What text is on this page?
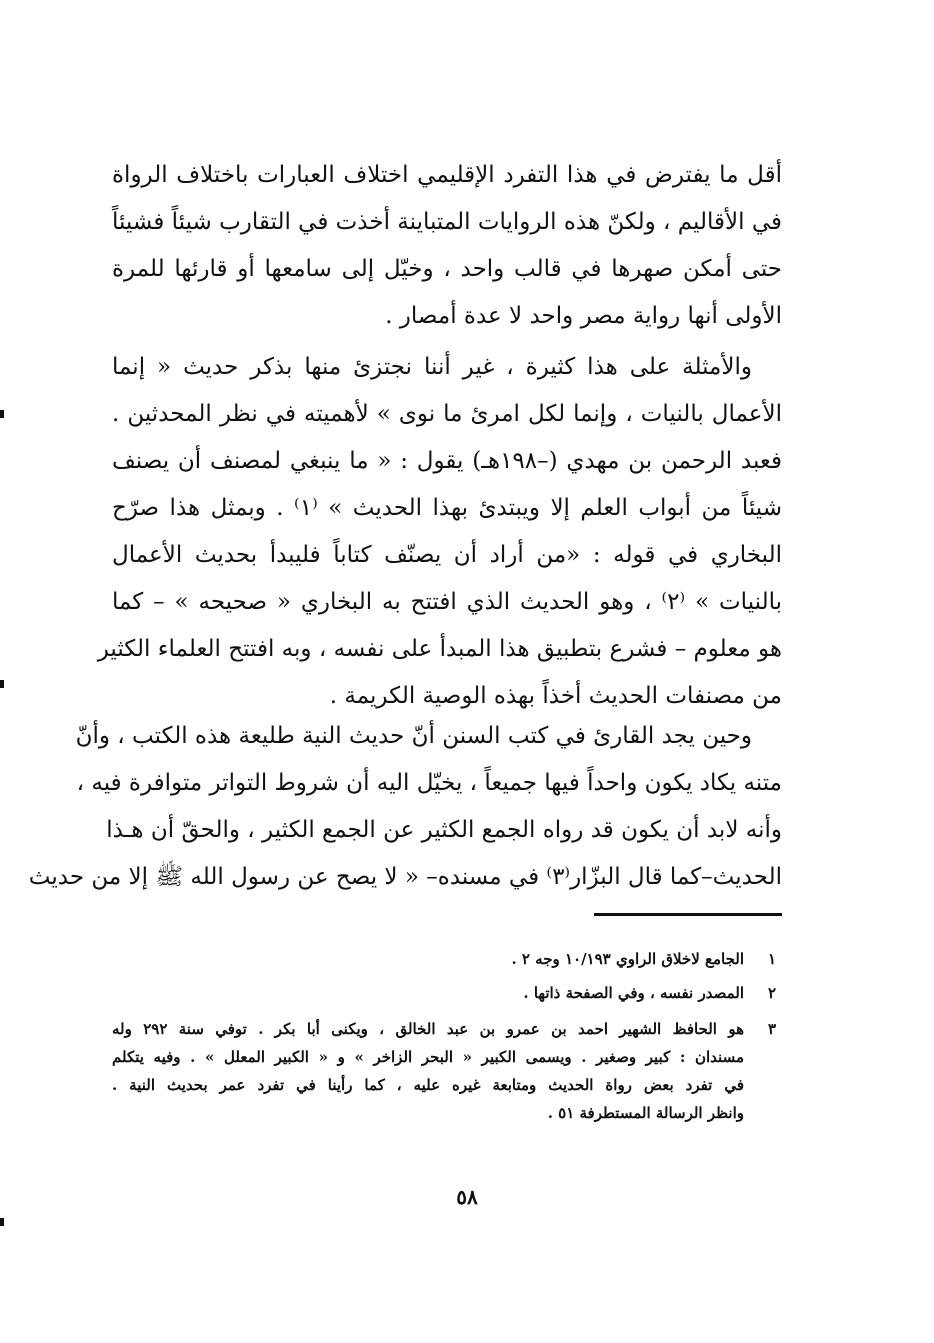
أقل ما يفترض في هذا التفرد الإقليمي اختلاف العبارات باختلاف الرواة
في الأقاليم ، ولكنّ هذه الروايات المتباينة أخذت في التقارب شيئاً فشيئاً
حتى أمكن صهرها في قالب واحد ، وخيّل إلى سامعها أو قارئها للمرة
الأولى أنها رواية مصر واحد لا عدة أمصار .
والأمثلة على هذا كثيرة ، غير أننا نجتزئ منها بذكر حديث « إنما
الأعمال بالنيات ، وإنما لكل امرئ ما نوى » لأهميته في نظر المحدثين .
فعبد الرحمن بن مهدي (–١٩٨هـ) يقول : « ما ينبغي لمصنف أن يصنف
شيئاً من أبواب العلم إلا ويبتدئ بهذا الحديث » ⁽١⁾ . وبمثل هذا صرّح
البخاري في قوله : «من أراد أن يصنّف كتاباً فليبدأ بحديث الأعمال
بالنيات » ⁽٢⁾ ، وهو الحديث الذي افتتح به البخاري « صحيحه » – كما
هو معلوم – فشرع بتطبيق هذا المبدأ على نفسه ، وبه افتتح العلماء الكثير
من مصنفات الحديث أخذاً بهذه الوصية الكريمة .
وحين يجد القارئ في كتب السنن أنّ حديث النية طليعة هذه الكتب ، وأنّ
متنه يكاد يكون واحداً فيها جميعاً ، يخيّل اليه أن شروط التواتر متوافرة فيه ،
وأنه لابد أن يكون قد رواه الجمع الكثير عن الجمع الكثير ، والحقّ أن هـذا
الحديث–كما قال البزّار⁽٣⁾ في مسنده– « لا يصح عن رسول الله ﷺ إلا من حديث
١
الجامع لاخلاق الراوي ١٠/١٩٣ وجه ٢ .
٢
المصدر نفسه ، وفي الصفحة ذاتها .
٣
هو الحافظ الشهير احمد بن عمرو بن عبد الخالق ، ويكنى أبا بكر . توفي سنة ٢٩٢ وله
مسندان : كبير وصغير . ويسمى الكبير « البحر الزاخر » و « الكبير المعلل » . وفيه يتكلم
في تفرد بعض رواة الحديث ومتابعة غيره عليه ، كما رأينا في تفرد عمر بحديث النية .
وانظر الرسالة المستطرفة ٥١ .
٥٨
